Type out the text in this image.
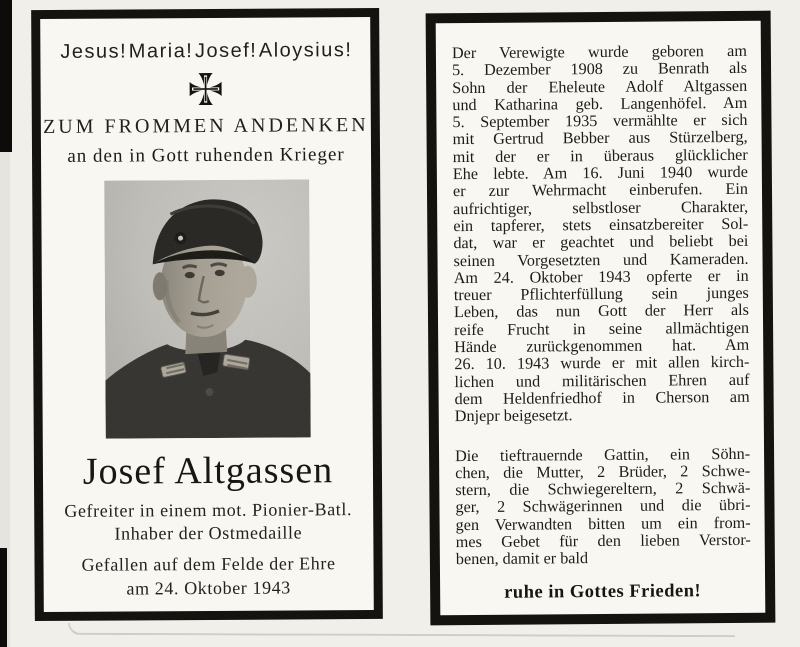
Jesus! Maria! Josef! Aloysius!
ZUM FROMMEN ANDENKEN
an den in Gott ruhenden Krieger
Josef Altgassen
Gefreiter in einem mot. Pionier-Batl.
Inhaber der Ostmedaille
Gefallen auf dem Felde der Ehre
am 24. Oktober 1943
Der Verewigte wurde geboren am
5. Dezember 1908 zu Benrath als
Sohn der Eheleute Adolf Altgassen
und Katharina geb. Langenhöfel. Am
5. September 1935 vermählte er sich
mit Gertrud Bebber aus Stürzelberg,
mit der er in überaus glücklicher
Ehe lebte. Am 16. Juni 1940 wurde
er zur Wehrmacht einberufen. Ein
aufrichtiger, selbstloser Charakter,
ein tapferer, stets einsatzbereiter Sol-
dat, war er geachtet und beliebt bei
seinen Vorgesetzten und Kameraden.
Am 24. Oktober 1943 opferte er in
treuer Pflichterfüllung sein junges
Leben, das nun Gott der Herr als
reife Frucht in seine allmächtigen
Hände zurückgenommen hat. Am
26. 10. 1943 wurde er mit allen kirch-
lichen und militärischen Ehren auf
dem Heldenfriedhof in Cherson am
Dnjepr beigesetzt.
Die tieftrauernde Gattin, ein Söhn-
chen, die Mutter, 2 Brüder, 2 Schwe-
stern, die Schwiegereltern, 2 Schwä-
ger, 2 Schwägerinnen und die übri-
gen Verwandten bitten um ein from-
mes Gebet für den lieben Verstor-
benen, damit er bald
ruhe in Gottes Frieden!
